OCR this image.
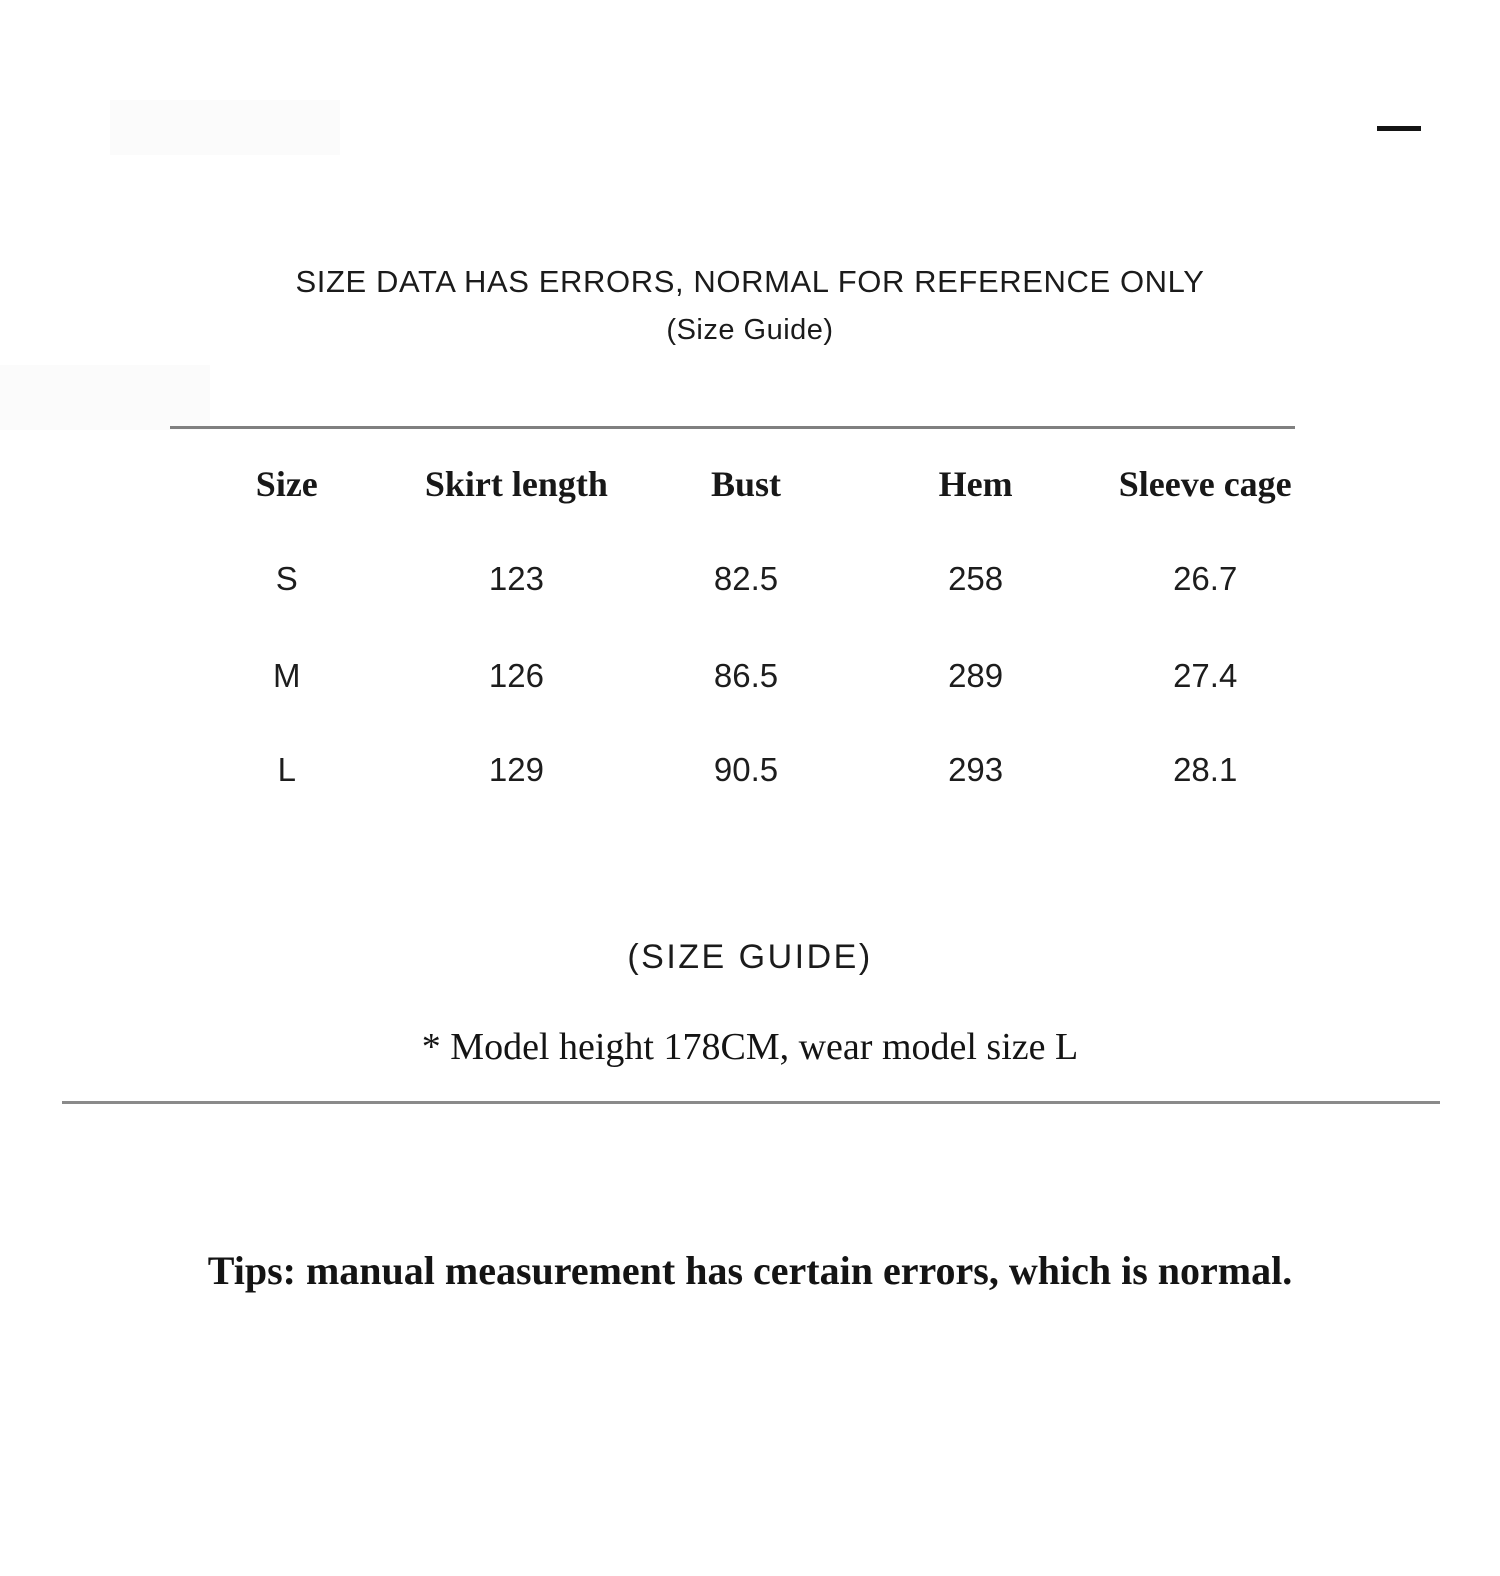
SIZE DATA HAS ERRORS, NORMAL FOR REFERENCE ONLY
(Size Guide)
Size	Skirt length	Bust	Hem	Sleeve cage
S	123	82.5	258	26.7
M	126	86.5	289	27.4
L	129	90.5	293	28.1
(SIZE GUIDE)
* Model height 178CM, wear model size L
Tips: manual measurement has certain errors, which is normal.
